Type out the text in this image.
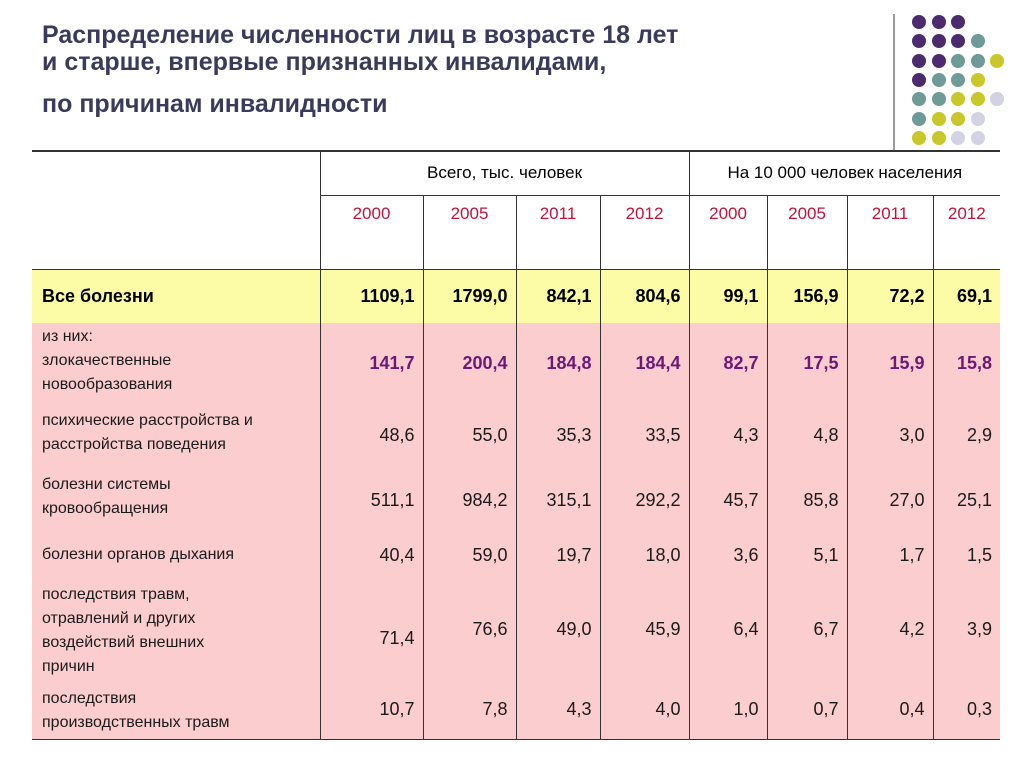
Распределение численности лиц в возрасте 18 лет
и старше, впервые признанных инвалидами,
по причинам инвалидности
	Всего, тыс. человек				На 10 000 человек населения			
	2000	2005	2011	2012	2000	2005	2011	2012
Все болезни	1109,1	1799,0	842,1	804,6	99,1	156,9	72,2	69,1
из них:
злокачественные
новообразования	141,7	200,4	184,8	184,4	82,7	17,5	15,9	15,8
психические расстройства и
расстройства поведения	48,6	55,0	35,3	33,5	4,3	4,8	3,0	2,9
болезни системы
кровообращения	511,1	984,2	315,1	292,2	45,7	85,8	27,0	25,1
болезни органов дыхания	40,4	59,0	19,7	18,0	3,6	5,1	1,7	1,5
последствия травм,
отравлений и других
воздействий внешних
причин	71,4	76,6	49,0	45,9	6,4	6,7	4,2	3,9
последствия
производственных травм	10,7	7,8	4,3	4,0	1,0	0,7	0,4	0,3
